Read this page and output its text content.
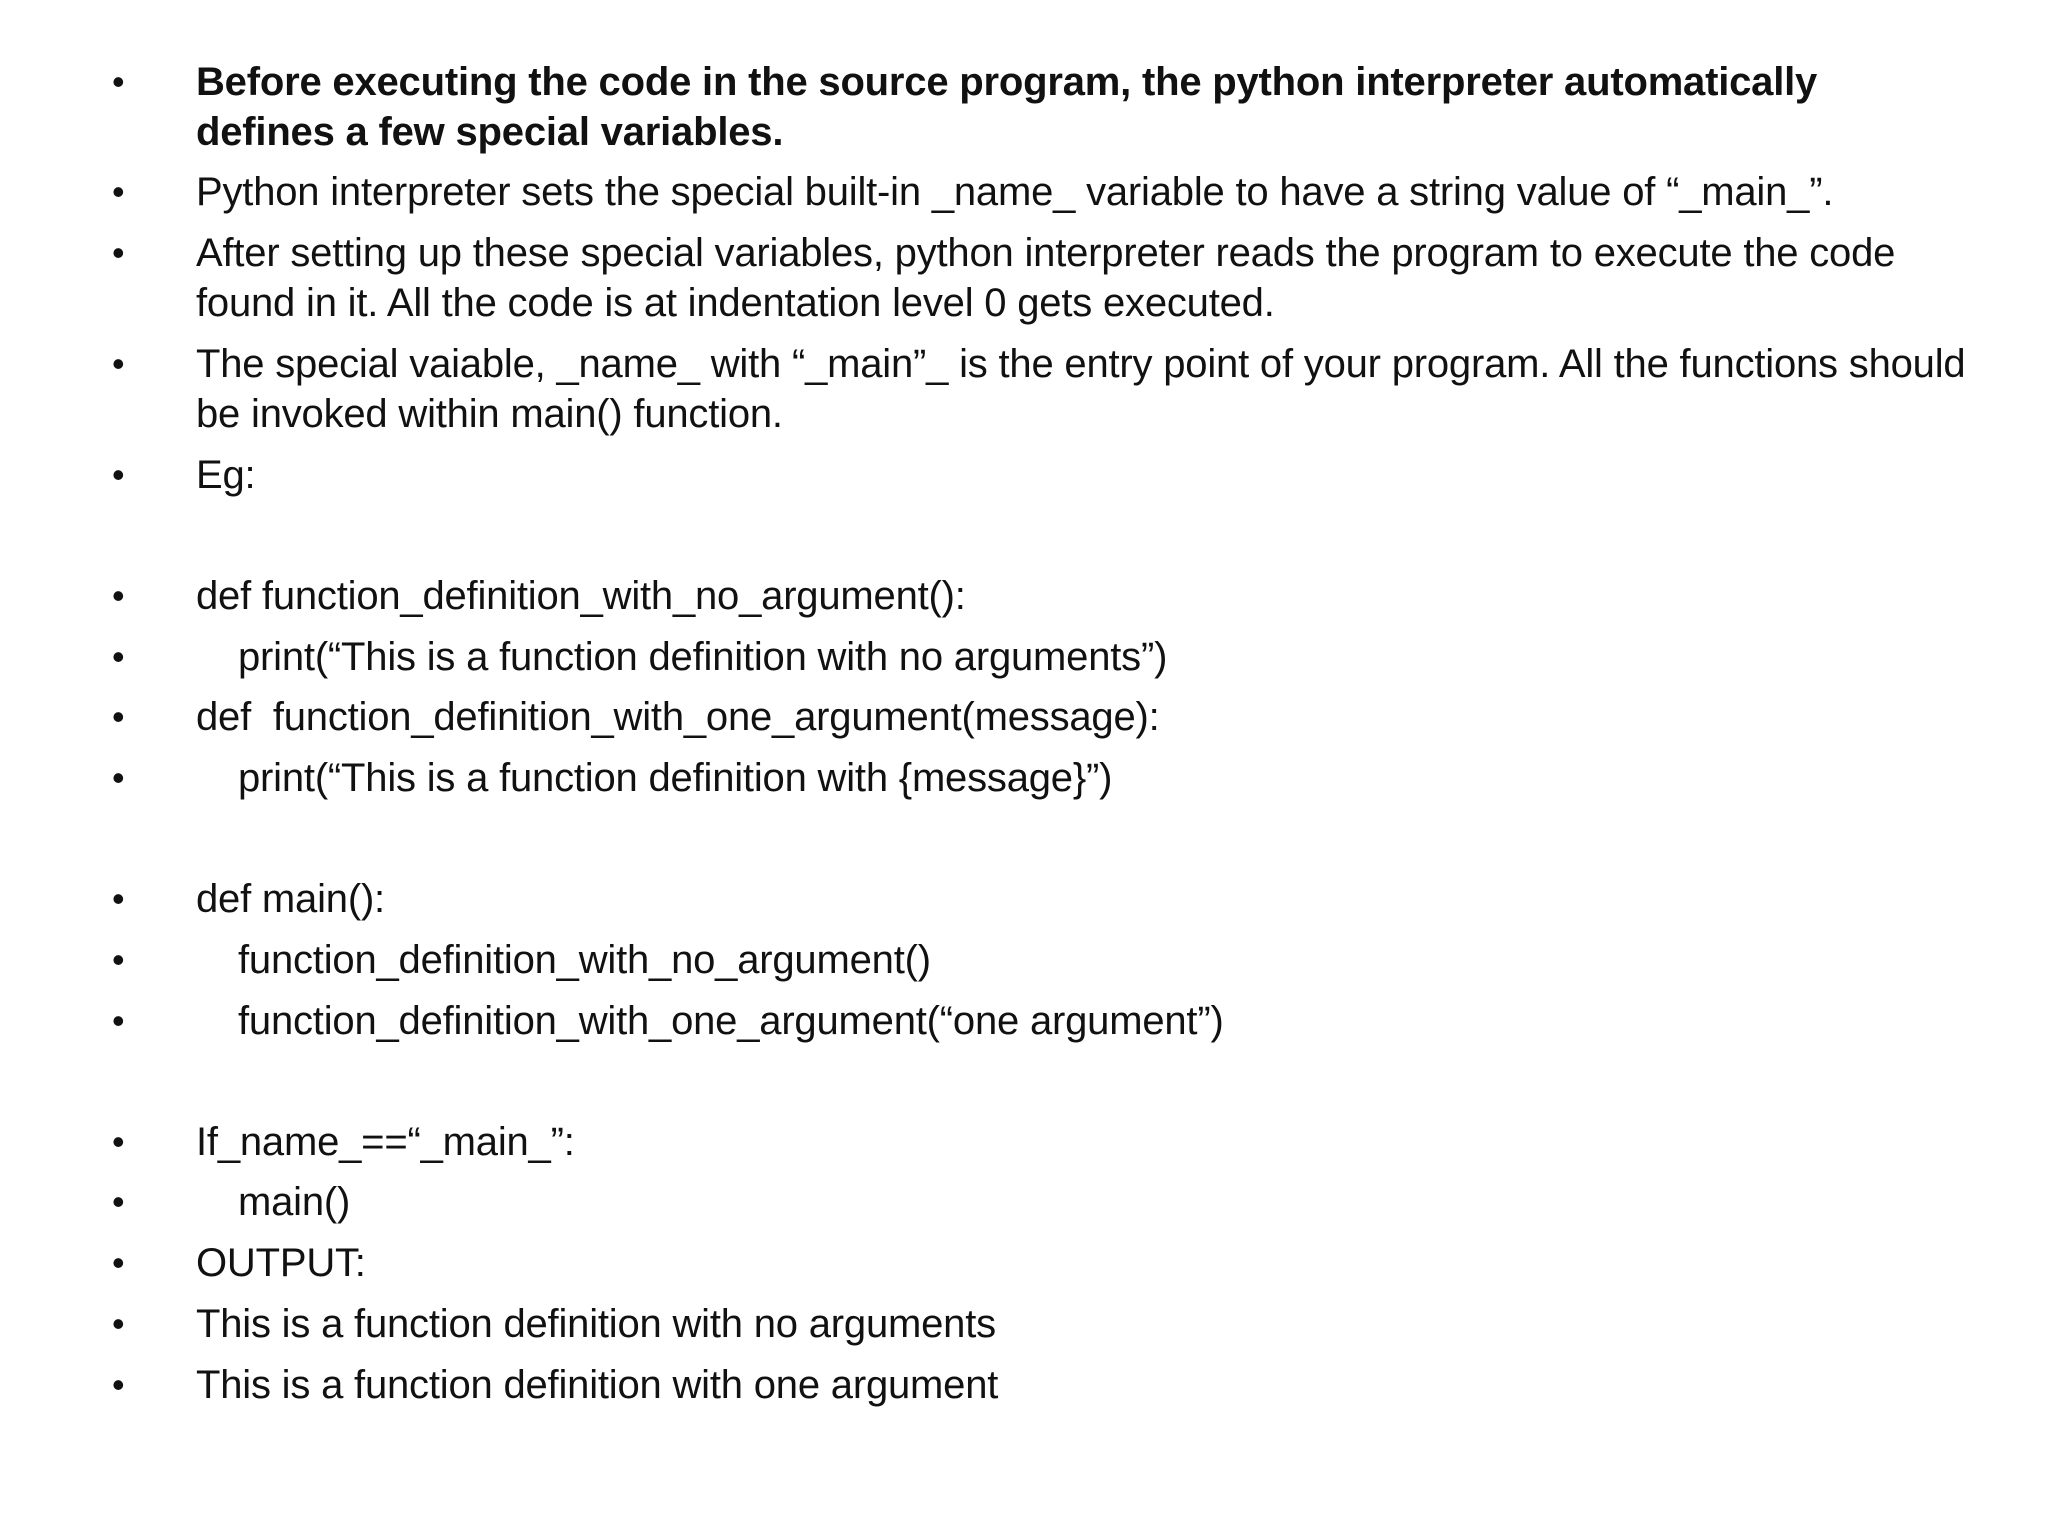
•	Before executing the code in the source program, the python interpreter automatically defines a few special variables.
•	Python interpreter sets the special built-in _name_ variable to have a string value of “_main_”.
•	After setting up these special variables, python interpreter reads the program to execute the code found in it. All the code is at indentation level 0 gets executed.
•	The special vaiable, _name_ with “_main”_ is the entry point of your program. All the functions should be invoked within main() function.
•	Eg:
•	def function_definition_with_no_argument():
•	print(“This is a function definition with no arguments”)
•	def  function_definition_with_one_argument(message):
•	print(“This is a function definition with {message}”)
•	def main():
•	function_definition_with_no_argument()
•	function_definition_with_one_argument(“one argument”)
•	If_name_==“_main_”:
•	main()
•	OUTPUT:
•	This is a function definition with no arguments
•	This is a function definition with one argument
